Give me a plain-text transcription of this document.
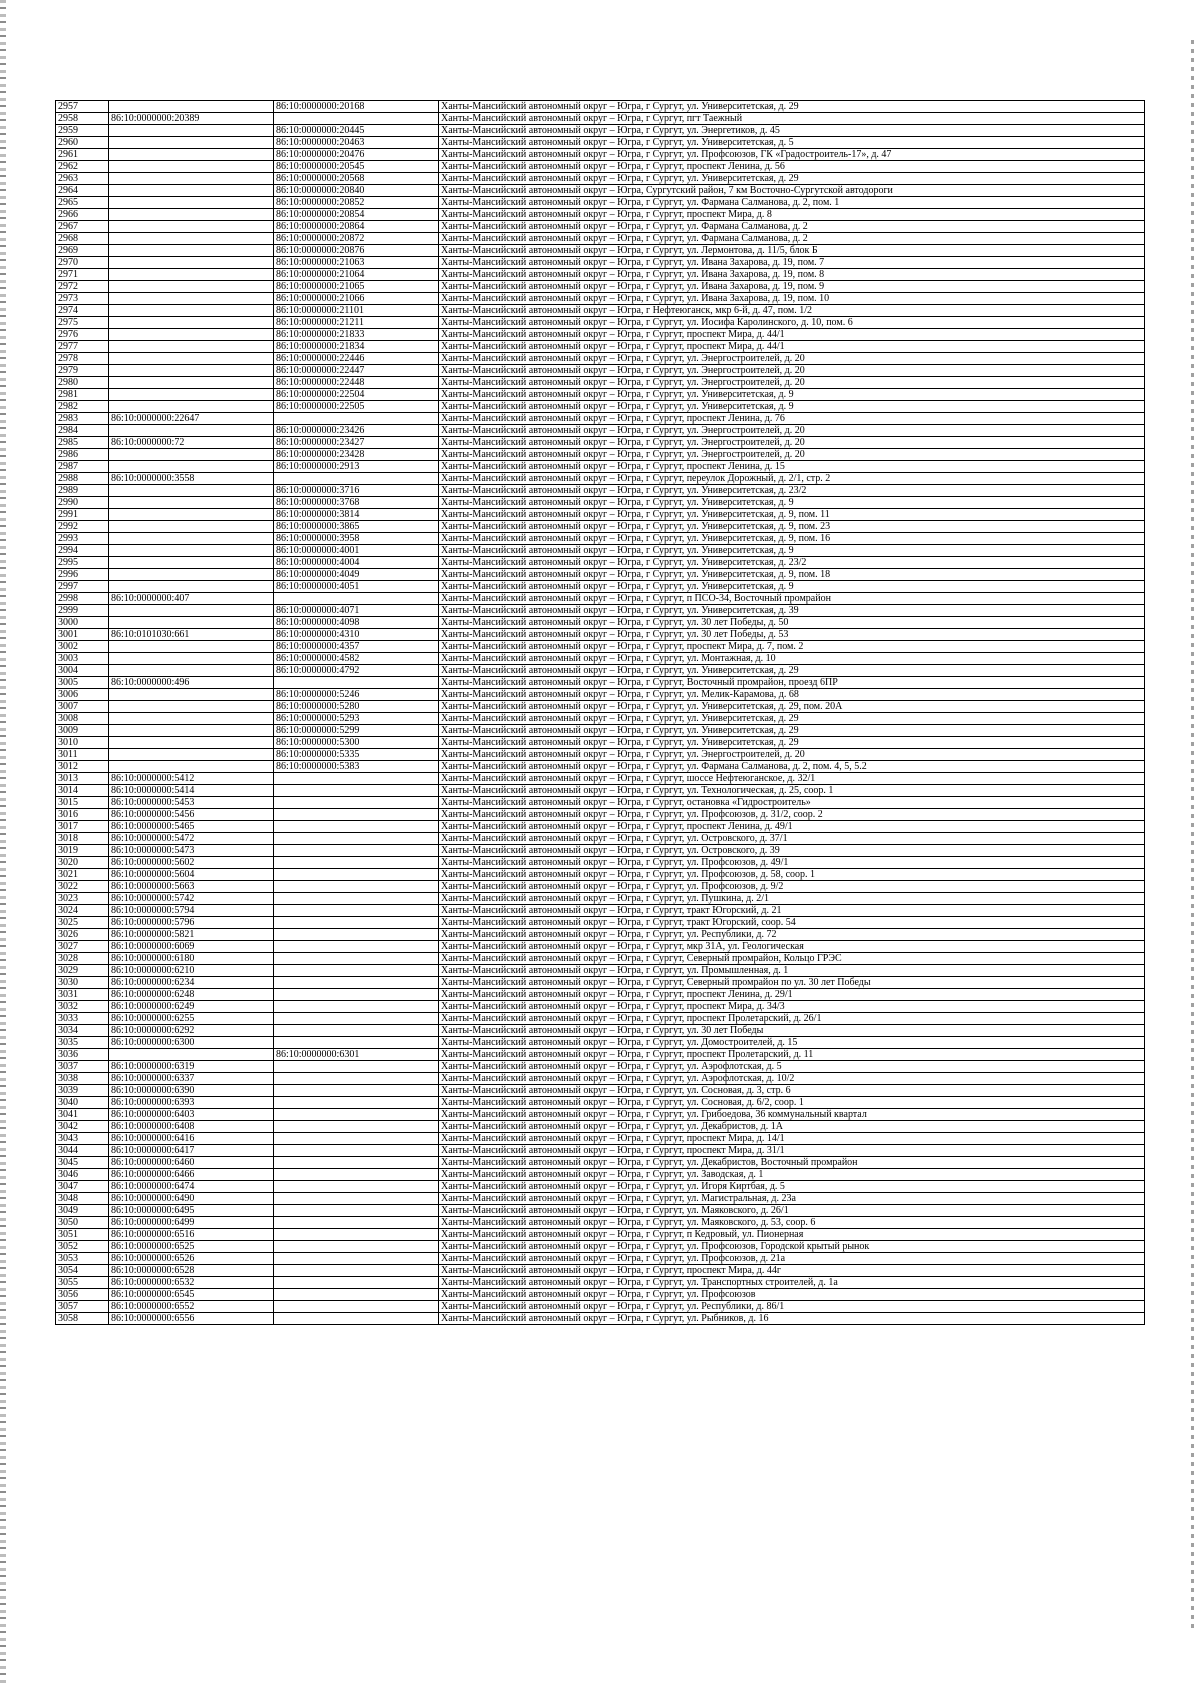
2957		86:10:0000000:20168	Ханты-Мансийский автономный округ – Югра, г Сургут, ул. Университетская, д. 29
2958	86:10:0000000:20389		Ханты-Мансийский автономный округ – Югра, г Сургут, пгт Таежный
2959		86:10:0000000:20445	Ханты-Мансийский автономный округ – Югра, г Сургут, ул. Энергетиков, д. 45
2960		86:10:0000000:20463	Ханты-Мансийский автономный округ – Югра, г Сургут, ул. Университетская, д. 5
2961		86:10:0000000:20476	Ханты-Мансийский автономный округ – Югра, г Сургут, ул. Профсоюзов, ГК «Градостроитель-17», д. 47
2962		86:10:0000000:20545	Ханты-Мансийский автономный округ – Югра, г Сургут, проспект Ленина, д. 56
2963		86:10:0000000:20568	Ханты-Мансийский автономный округ – Югра, г Сургут, ул. Университетская, д. 29
2964		86:10:0000000:20840	Ханты-Мансийский автономный округ – Югра, Сургутский район, 7 км Восточно-Сургутской автодороги
2965		86:10:0000000:20852	Ханты-Мансийский автономный округ – Югра, г Сургут, ул. Фармана Салманова, д. 2, пом. 1
2966		86:10:0000000:20854	Ханты-Мансийский автономный округ – Югра, г Сургут, проспект Мира, д. 8
2967		86:10:0000000:20864	Ханты-Мансийский автономный округ – Югра, г Сургут, ул. Фармана Салманова, д. 2
2968		86:10:0000000:20872	Ханты-Мансийский автономный округ – Югра, г Сургут, ул. Фармана Салманова, д. 2
2969		86:10:0000000:20876	Ханты-Мансийский автономный округ – Югра, г Сургут, ул. Лермонтова, д. 11/5, блок Б
2970		86:10:0000000:21063	Ханты-Мансийский автономный округ – Югра, г Сургут, ул. Ивана Захарова, д. 19, пом. 7
2971		86:10:0000000:21064	Ханты-Мансийский автономный округ – Югра, г Сургут, ул. Ивана Захарова, д. 19, пом. 8
2972		86:10:0000000:21065	Ханты-Мансийский автономный округ – Югра, г Сургут, ул. Ивана Захарова, д. 19, пом. 9
2973		86:10:0000000:21066	Ханты-Мансийский автономный округ – Югра, г Сургут, ул. Ивана Захарова, д. 19, пом. 10
2974		86:10:0000000:21101	Ханты-Мансийский автономный округ – Югра, г Нефтеюганск, мкр 6-й, д. 47, пом. 1/2
2975		86:10:0000000:21211	Ханты-Мансийский автономный округ – Югра, г Сургут, ул. Иосифа Каролинского, д. 10, пом. 6
2976		86:10:0000000:21833	Ханты-Мансийский автономный округ – Югра, г Сургут, проспект Мира, д. 44/1
2977		86:10:0000000:21834	Ханты-Мансийский автономный округ – Югра, г Сургут, проспект Мира, д. 44/1
2978		86:10:0000000:22446	Ханты-Мансийский автономный округ – Югра, г Сургут, ул. Энергостроителей, д. 20
2979		86:10:0000000:22447	Ханты-Мансийский автономный округ – Югра, г Сургут, ул. Энергостроителей, д. 20
2980		86:10:0000000:22448	Ханты-Мансийский автономный округ – Югра, г Сургут, ул. Энергостроителей, д. 20
2981		86:10:0000000:22504	Ханты-Мансийский автономный округ – Югра, г Сургут, ул. Университетская, д. 9
2982		86:10:0000000:22505	Ханты-Мансийский автономный округ – Югра, г Сургут, ул. Университетская, д. 9
2983	86:10:0000000:22647		Ханты-Мансийский автономный округ – Югра, г Сургут, проспект Ленина, д. 76
2984		86:10:0000000:23426	Ханты-Мансийский автономный округ – Югра, г Сургут, ул. Энергостроителей, д. 20
2985	86:10:0000000:72	86:10:0000000:23427	Ханты-Мансийский автономный округ – Югра, г Сургут, ул. Энергостроителей, д. 20
2986		86:10:0000000:23428	Ханты-Мансийский автономный округ – Югра, г Сургут, ул. Энергостроителей, д. 20
2987		86:10:0000000:2913	Ханты-Мансийский автономный округ – Югра, г Сургут, проспект Ленина, д. 15
2988	86:10:0000000:3558		Ханты-Мансийский автономный округ – Югра, г Сургут, переулок Дорожный, д. 2/1, стр. 2
2989		86:10:0000000:3716	Ханты-Мансийский автономный округ – Югра, г Сургут, ул. Университетская, д. 23/2
2990		86:10:0000000:3768	Ханты-Мансийский автономный округ – Югра, г Сургут, ул. Университетская, д. 9
2991		86:10:0000000:3814	Ханты-Мансийский автономный округ – Югра, г Сургут, ул. Университетская, д. 9, пом. 11
2992		86:10:0000000:3865	Ханты-Мансийский автономный округ – Югра, г Сургут, ул. Университетская, д. 9, пом. 23
2993		86:10:0000000:3958	Ханты-Мансийский автономный округ – Югра, г Сургут, ул. Университетская, д. 9, пом. 16
2994		86:10:0000000:4001	Ханты-Мансийский автономный округ – Югра, г Сургут, ул. Университетская, д. 9
2995		86:10:0000000:4004	Ханты-Мансийский автономный округ – Югра, г Сургут, ул. Университетская, д. 23/2
2996		86:10:0000000:4049	Ханты-Мансийский автономный округ – Югра, г Сургут, ул. Университетская, д. 9, пом. 18
2997		86:10:0000000:4051	Ханты-Мансийский автономный округ – Югра, г Сургут, ул. Университетская, д. 9
2998	86:10:0000000:407		Ханты-Мансийский автономный округ – Югра, г Сургут, п ПСО-34, Восточный промрайон
2999		86:10:0000000:4071	Ханты-Мансийский автономный округ – Югра, г Сургут, ул. Университетская, д. 39
3000		86:10:0000000:4098	Ханты-Мансийский автономный округ – Югра, г Сургут, ул. 30 лет Победы, д. 50
3001	86:10:0101030:661	86:10:0000000:4310	Ханты-Мансийский автономный округ – Югра, г Сургут, ул. 30 лет Победы, д. 53
3002		86:10:0000000:4357	Ханты-Мансийский автономный округ – Югра, г Сургут, проспект Мира, д. 7, пом. 2
3003		86:10:0000000:4582	Ханты-Мансийский автономный округ – Югра, г Сургут, ул. Монтажная, д. 10
3004		86:10:0000000:4792	Ханты-Мансийский автономный округ – Югра, г Сургут, ул. Университетская, д. 29
3005	86:10:0000000:496		Ханты-Мансийский автономный округ – Югра, г Сургут, Восточный промрайон, проезд 6ПР
3006		86:10:0000000:5246	Ханты-Мансийский автономный округ – Югра, г Сургут, ул. Мелик-Карамова, д. 68
3007		86:10:0000000:5280	Ханты-Мансийский автономный округ – Югра, г Сургут, ул. Университетская, д. 29, пом. 20А
3008		86:10:0000000:5293	Ханты-Мансийский автономный округ – Югра, г Сургут, ул. Университетская, д. 29
3009		86:10:0000000:5299	Ханты-Мансийский автономный округ – Югра, г Сургут, ул. Университетская, д. 29
3010		86:10:0000000:5300	Ханты-Мансийский автономный округ – Югра, г Сургут, ул. Университетская, д. 29
3011		86:10:0000000:5335	Ханты-Мансийский автономный округ – Югра, г Сургут, ул. Энергостроителей, д. 20
3012		86:10:0000000:5383	Ханты-Мансийский автономный округ – Югра, г Сургут, ул. Фармана Салманова, д. 2, пом. 4, 5, 5.2
3013	86:10:0000000:5412		Ханты-Мансийский автономный округ – Югра, г Сургут, шоссе Нефтеюганское, д. 32/1
3014	86:10:0000000:5414		Ханты-Мансийский автономный округ – Югра, г Сургут, ул. Технологическая, д. 25, соор. 1
3015	86:10:0000000:5453		Ханты-Мансийский автономный округ – Югра, г Сургут, остановка «Гидростроитель»
3016	86:10:0000000:5456		Ханты-Мансийский автономный округ – Югра, г Сургут, ул. Профсоюзов, д. 31/2, соор. 2
3017	86:10:0000000:5465		Ханты-Мансийский автономный округ – Югра, г Сургут, проспект Ленина, д. 49/1
3018	86:10:0000000:5472		Ханты-Мансийский автономный округ – Югра, г Сургут, ул. Островского, д. 37/1
3019	86:10:0000000:5473		Ханты-Мансийский автономный округ – Югра, г Сургут, ул. Островского, д. 39
3020	86:10:0000000:5602		Ханты-Мансийский автономный округ – Югра, г Сургут, ул. Профсоюзов, д. 49/1
3021	86:10:0000000:5604		Ханты-Мансийский автономный округ – Югра, г Сургут, ул. Профсоюзов, д. 58, соор. 1
3022	86:10:0000000:5663		Ханты-Мансийский автономный округ – Югра, г Сургут, ул. Профсоюзов, д. 9/2
3023	86:10:0000000:5742		Ханты-Мансийский автономный округ – Югра, г Сургут, ул. Пушкина, д. 2/1
3024	86:10:0000000:5794		Ханты-Мансийский автономный округ – Югра, г Сургут, тракт Югорский, д. 21
3025	86:10:0000000:5796		Ханты-Мансийский автономный округ – Югра, г Сургут, тракт Югорский, соор. 54
3026	86:10:0000000:5821		Ханты-Мансийский автономный округ – Югра, г Сургут, ул. Республики, д. 72
3027	86:10:0000000:6069		Ханты-Мансийский автономный округ – Югра, г Сургут, мкр 31А, ул. Геологическая
3028	86:10:0000000:6180		Ханты-Мансийский автономный округ – Югра, г Сургут, Северный промрайон, Кольцо ГРЭС
3029	86:10:0000000:6210		Ханты-Мансийский автономный округ – Югра, г Сургут, ул. Промышленная, д. 1
3030	86:10:0000000:6234		Ханты-Мансийский автономный округ – Югра, г Сургут, Северный промрайон по ул. 30 лет Победы
3031	86:10:0000000:6248		Ханты-Мансийский автономный округ – Югра, г Сургут, проспект Ленина, д. 29/1
3032	86:10:0000000:6249		Ханты-Мансийский автономный округ – Югра, г Сургут, проспект Мира, д. 34/3
3033	86:10:0000000:6255		Ханты-Мансийский автономный округ – Югра, г Сургут, проспект Пролетарский, д. 26/1
3034	86:10:0000000:6292		Ханты-Мансийский автономный округ – Югра, г Сургут, ул. 30 лет Победы
3035	86:10:0000000:6300		Ханты-Мансийский автономный округ – Югра, г Сургут, ул. Домостроителей, д. 15
3036		86:10:0000000:6301	Ханты-Мансийский автономный округ – Югра, г Сургут, проспект Пролетарский, д. 11
3037	86:10:0000000:6319		Ханты-Мансийский автономный округ – Югра, г Сургут, ул. Аэрофлотская, д. 5
3038	86:10:0000000:6337		Ханты-Мансийский автономный округ – Югра, г Сургут, ул. Аэрофлотская, д. 10/2
3039	86:10:0000000:6390		Ханты-Мансийский автономный округ – Югра, г Сургут, ул. Сосновая, д. 3, стр. 6
3040	86:10:0000000:6393		Ханты-Мансийский автономный округ – Югра, г Сургут, ул. Сосновая, д. 6/2, соор. 1
3041	86:10:0000000:6403		Ханты-Мансийский автономный округ – Югра, г Сургут, ул. Грибоедова, 36 коммунальный квартал
3042	86:10:0000000:6408		Ханты-Мансийский автономный округ – Югра, г Сургут, ул. Декабристов, д. 1А
3043	86:10:0000000:6416		Ханты-Мансийский автономный округ – Югра, г Сургут, проспект Мира, д. 14/1
3044	86:10:0000000:6417		Ханты-Мансийский автономный округ – Югра, г Сургут, проспект Мира, д. 31/1
3045	86:10:0000000:6460		Ханты-Мансийский автономный округ – Югра, г Сургут, ул. Декабристов, Восточный промрайон
3046	86:10:0000000:6466		Ханты-Мансийский автономный округ – Югра, г Сургут, ул. Заводская, д. 1
3047	86:10:0000000:6474		Ханты-Мансийский автономный округ – Югра, г Сургут, ул. Игоря Киртбая, д. 5
3048	86:10:0000000:6490		Ханты-Мансийский автономный округ – Югра, г Сургут, ул. Магистральная, д. 23а
3049	86:10:0000000:6495		Ханты-Мансийский автономный округ – Югра, г Сургут, ул. Маяковского, д. 26/1
3050	86:10:0000000:6499		Ханты-Мансийский автономный округ – Югра, г Сургут, ул. Маяковского, д. 53, соор. 6
3051	86:10:0000000:6516		Ханты-Мансийский автономный округ – Югра, г Сургут, п Кедровый, ул. Пионерная
3052	86:10:0000000:6525		Ханты-Мансийский автономный округ – Югра, г Сургут, ул. Профсоюзов, Городской крытый рынок
3053	86:10:0000000:6526		Ханты-Мансийский автономный округ – Югра, г Сургут, ул. Профсоюзов, д. 21а
3054	86:10:0000000:6528		Ханты-Мансийский автономный округ – Югра, г Сургут, проспект Мира, д. 44г
3055	86:10:0000000:6532		Ханты-Мансийский автономный округ – Югра, г Сургут, ул. Транспортных строителей, д. 1а
3056	86:10:0000000:6545		Ханты-Мансийский автономный округ – Югра, г Сургут, ул. Профсоюзов
3057	86:10:0000000:6552		Ханты-Мансийский автономный округ – Югра, г Сургут, ул. Республики, д. 86/1
3058	86:10:0000000:6556		Ханты-Мансийский автономный округ – Югра, г Сургут, ул. Рыбников, д. 16
